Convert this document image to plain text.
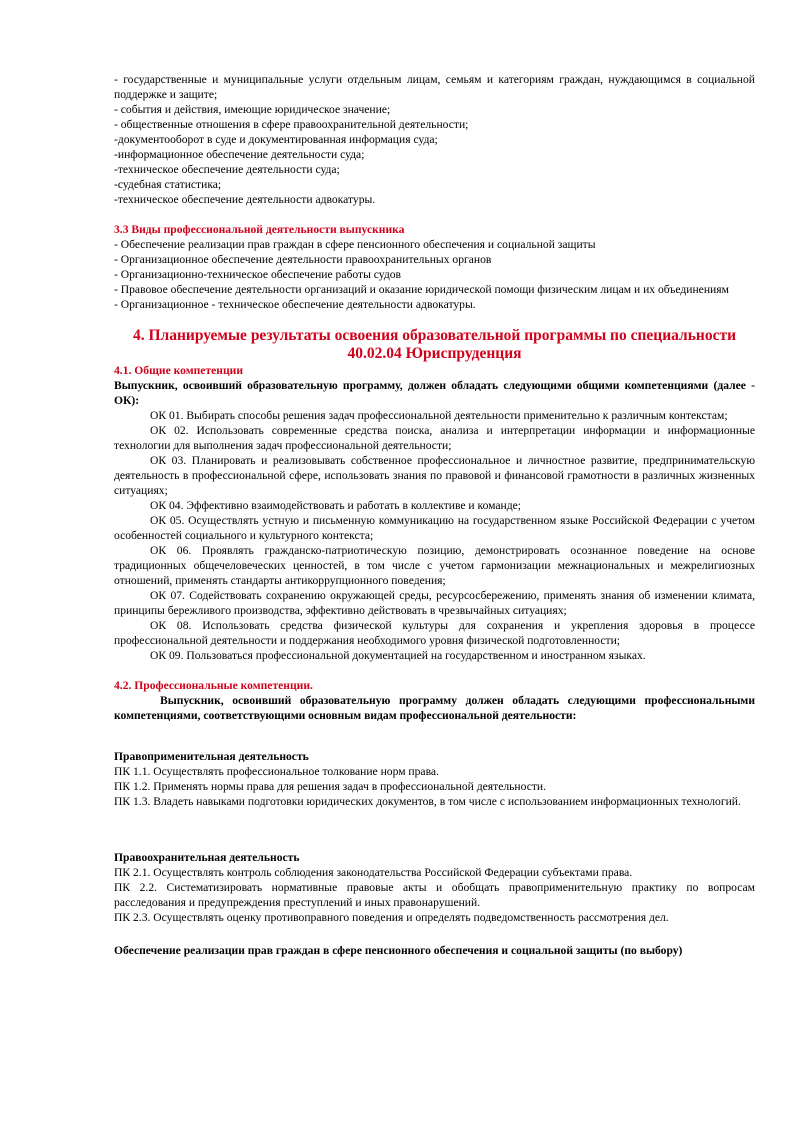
- государственные и муниципальные услуги отдельным лицам, семьям и категориям граждан, нуждающимся в социальной поддержке и защите;

- события и действия, имеющие юридическое значение;

- общественные отношения в сфере правоохранительной деятельности;

-документооборот в суде и документированная информация суда;

-информационное обеспечение деятельности суда;

-техническое обеспечение деятельности суда;

-судебная статистика;

-техническое обеспечение деятельности адвокатуры.

3.3 Виды профессиональной деятельности выпускника

- Обеспечение реализации прав граждан в сфере пенсионного обеспечения и социальной защиты

- Организационное обеспечение деятельности правоохранительных органов

- Организационно-техническое обеспечение работы судов

- Правовое обеспечение деятельности организаций и оказание юридической помощи физическим лицам и их объединениям

- Организационное - техническое обеспечение деятельности адвокатуры.

4. Планируемые результаты освоения образовательной программы по специальности
40.02.04 Юриспруденция

4.1. Общие компетенции

Выпускник, освоивший образовательную программу, должен обладать следующими общими компетенциями (далее - ОК):

ОК 01. Выбирать способы решения задач профессиональной деятельности применительно к различным контекстам;

ОК 02. Использовать современные средства поиска, анализа и интерпретации информации и информационные технологии для выполнения задач профессиональной деятельности;

ОК 03. Планировать и реализовывать собственное профессиональное и личностное развитие, предпринимательскую деятельность в профессиональной сфере, использовать знания по правовой и финансовой грамотности в различных жизненных ситуациях;

ОК 04. Эффективно взаимодействовать и работать в коллективе и команде;

ОК 05. Осуществлять устную и письменную коммуникацию на государственном языке Российской Федерации с учетом особенностей социального и культурного контекста;

ОК 06. Проявлять гражданско-патриотическую позицию, демонстрировать осознанное поведение на основе традиционных общечеловеческих ценностей, в том числе с учетом гармонизации межнациональных и межрелигиозных отношений, применять стандарты антикоррупционного поведения;

ОК 07. Содействовать сохранению окружающей среды, ресурсосбережению, применять знания об изменении климата, принципы бережливого производства, эффективно действовать в чрезвычайных ситуациях;

ОК 08. Использовать средства физической культуры для сохранения и укрепления здоровья в процессе профессиональной деятельности и поддержания необходимого уровня физической подготовленности;

ОК 09. Пользоваться профессиональной документацией на государственном и иностранном языках.

4.2. Профессиональные компетенции.

Выпускник, освоивший образовательную программу должен обладать следующими профессиональными компетенциями, соответствующими основным видам профессиональной деятельности:

Правоприменительная деятельность

ПК 1.1. Осуществлять профессиональное толкование норм права.

ПК 1.2. Применять нормы права для решения задач в профессиональной деятельности.

ПК 1.3. Владеть навыками подготовки юридических документов, в том числе с использованием информационных технологий.

Правоохранительная деятельность

ПК 2.1. Осуществлять контроль соблюдения законодательства Российской Федерации субъектами права.

ПК 2.2. Систематизировать нормативные правовые акты и обобщать правоприменительную практику по вопросам расследования и предупреждения преступлений и иных правонарушений.

ПК 2.3. Осуществлять оценку противоправного поведения и определять подведомственность рассмотрения дел.

Обеспечение реализации прав граждан в сфере пенсионного обеспечения и социальной защиты (по выбору)
